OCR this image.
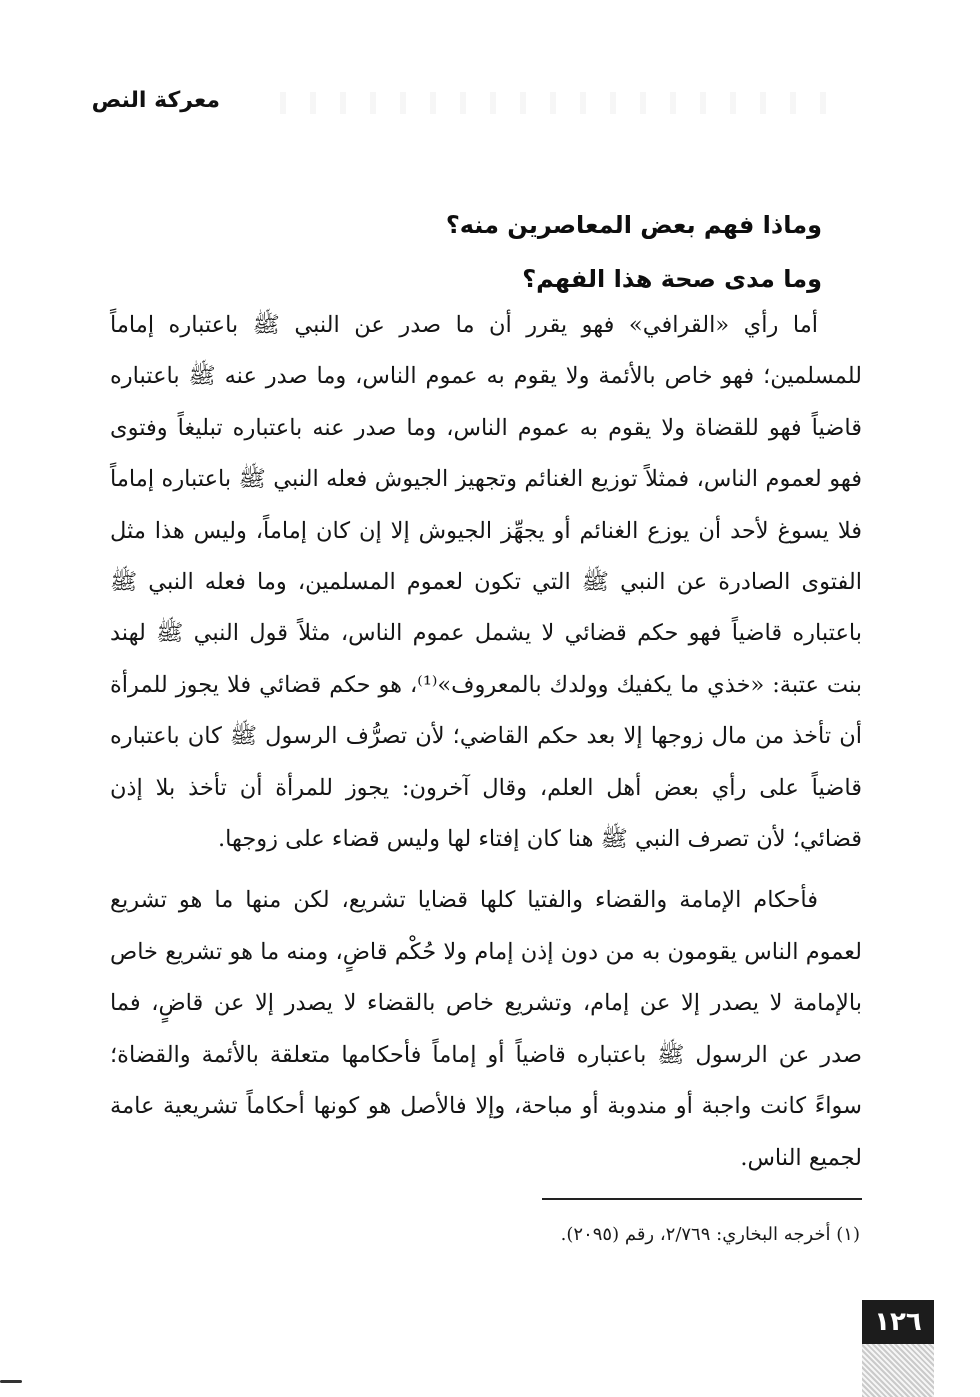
معركة النص
وماذا فهم بعض المعاصرين منه؟
وما مدى صحة هذا الفهم؟

أما رأي «القرافي» فهو يقرر أن ما صدر عن النبي ﷺ باعتباره إماماً للمسلمين؛ فهو خاص بالأئمة ولا يقوم به عموم الناس، وما صدر عنه ﷺ باعتباره قاضياً فهو للقضاة ولا يقوم به عموم الناس، وما صدر عنه باعتباره تبليغاً وفتوى فهو لعموم الناس، فمثلاً توزيع الغنائم وتجهيز الجيوش فعله النبي ﷺ باعتباره إماماً فلا يسوغ لأحد أن يوزع الغنائم أو يجهِّز الجيوش إلا إن كان إماماً، وليس هذا مثل الفتوى الصادرة عن النبي ﷺ التي تكون لعموم المسلمين، وما فعله النبي ﷺ باعتباره قاضياً فهو حكم قضائي لا يشمل عموم الناس، مثلاً قول النبي ﷺ لهند بنت عتبة: «خذي ما يكفيك وولدك بالمعروف»⁽¹⁾، هو حكم قضائي فلا يجوز للمرأة أن تأخذ من مال زوجها إلا بعد حكم القاضي؛ لأن تصرُّف الرسول ﷺ كان باعتباره قاضياً على رأي بعض أهل العلم، وقال آخرون: يجوز للمرأة أن تأخذ بلا إذن قضائي؛ لأن تصرف النبي ﷺ هنا كان إفتاء لها وليس قضاء على زوجها.

فأحكام الإمامة والقضاء والفتيا كلها قضايا تشريع، لكن منها ما هو تشريع لعموم الناس يقومون به من دون إذن إمام ولا حُكْم قاضٍ، ومنه ما هو تشريع خاص بالإمامة لا يصدر إلا عن إمام، وتشريع خاص بالقضاء لا يصدر إلا عن قاضٍ، فما صدر عن الرسول ﷺ باعتباره قاضياً أو إماماً فأحكامها متعلقة بالأئمة والقضاة؛ سواءً كانت واجبة أو مندوبة أو مباحة، وإلا فالأصل هو كونها أحكاماً تشريعية عامة لجميع الناس.

(١) أخرجه البخاري: ٢/٧٦٩، رقم (٢٠٩٥).
١٢٦
